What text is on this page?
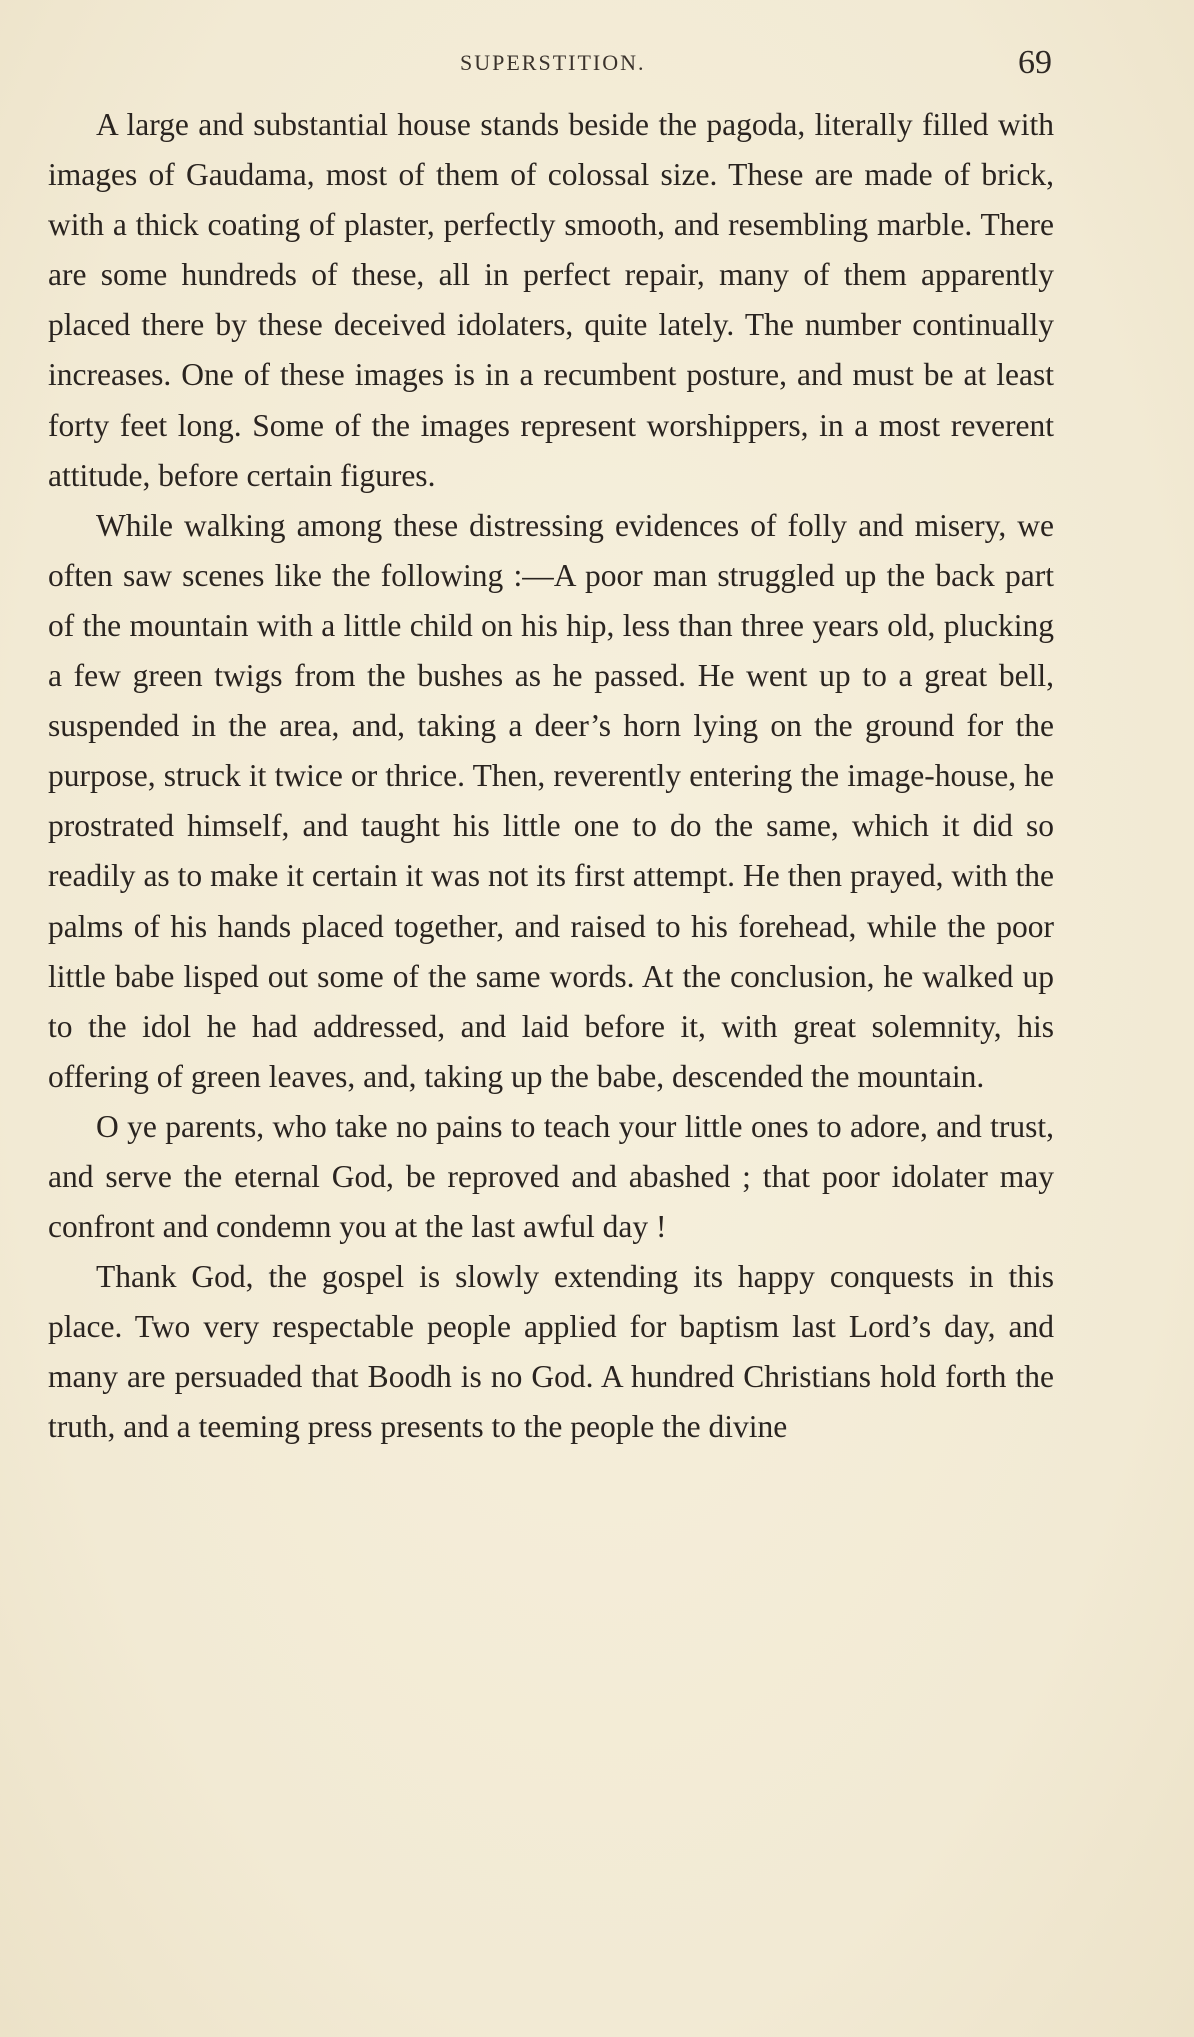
SUPERSTITION.	69

A large and substantial house stands beside the pagoda, literally filled with images of Gaudama, most of them of colossal size. These are made of brick, with a thick coating of plaster, perfectly smooth, and resembling marble. There are some hundreds of these, all in perfect repair, many of them apparently placed there by these deceived idolaters, quite lately. The number continually increases. One of these images is in a recumbent posture, and must be at least forty feet long. Some of the images represent worshippers, in a most reverent attitude, before certain figures.

While walking among these distressing evidences of folly and misery, we often saw scenes like the following :—A poor man struggled up the back part of the mountain with a little child on his hip, less than three years old, plucking a few green twigs from the bushes as he passed. He went up to a great bell, suspended in the area, and, taking a deer’s horn lying on the ground for the purpose, struck it twice or thrice. Then, reverently entering the image-house, he prostrated himself, and taught his little one to do the same, which it did so readily as to make it certain it was not its first attempt. He then prayed, with the palms of his hands placed together, and raised to his forehead, while the poor little babe lisped out some of the same words. At the conclusion, he walked up to the idol he had addressed, and laid before it, with great solemnity, his offering of green leaves, and, taking up the babe, descended the mountain.

O ye parents, who take no pains to teach your little ones to adore, and trust, and serve the eternal God, be reproved and abashed ; that poor idolater may confront and condemn you at the last awful day !

Thank God, the gospel is slowly extending its happy conquests in this place. Two very respectable people applied for baptism last Lord’s day, and many are persuaded that Boodh is no God. A hundred Christians hold forth the truth, and a teeming press presents to the people the divine
